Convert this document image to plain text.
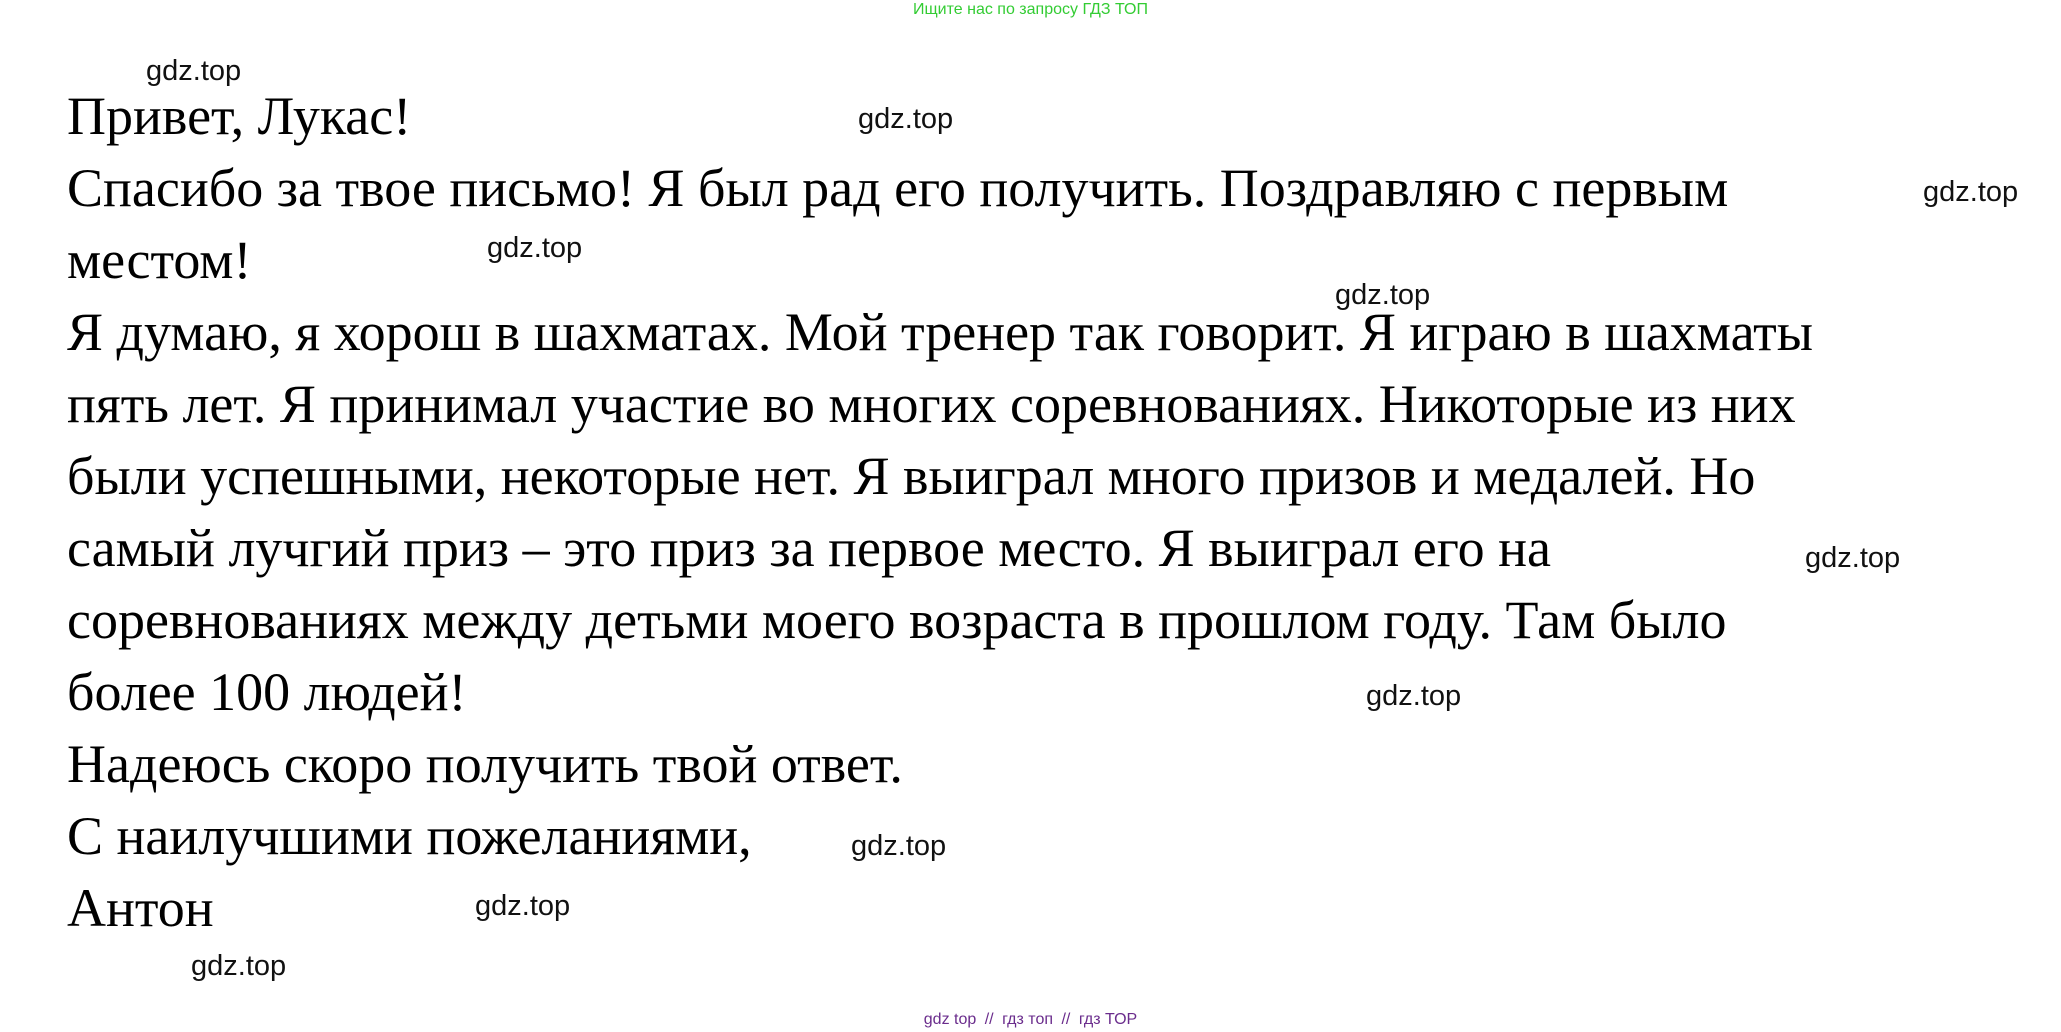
Ищите нас по запросу ГДЗ ТОП
Привет, Лукас!
Спасибо за твое письмо! Я был рад его получить. Поздравляю с первым
местом!
Я думаю, я хорош в шахматах. Мой тренер так говорит. Я играю в шахматы
пять лет. Я принимал участие во многих соревнованиях. Никоторые из них
были успешными, некоторые нет. Я выиграл много призов и медалей. Но
самый лучгий приз – это приз за первое место. Я выиграл его на
соревнованиях между детьми моего возраста в прошлом году. Там было
более 100 людей!
Надеюсь скоро получить твой ответ.
С наилучшими пожеланиями,
Антон
gdz.top
gdz.top
gdz.top
gdz.top
gdz.top
gdz.top
gdz.top
gdz.top
gdz.top
gdz.top
gdz top // гдз топ // гдз ТОР
